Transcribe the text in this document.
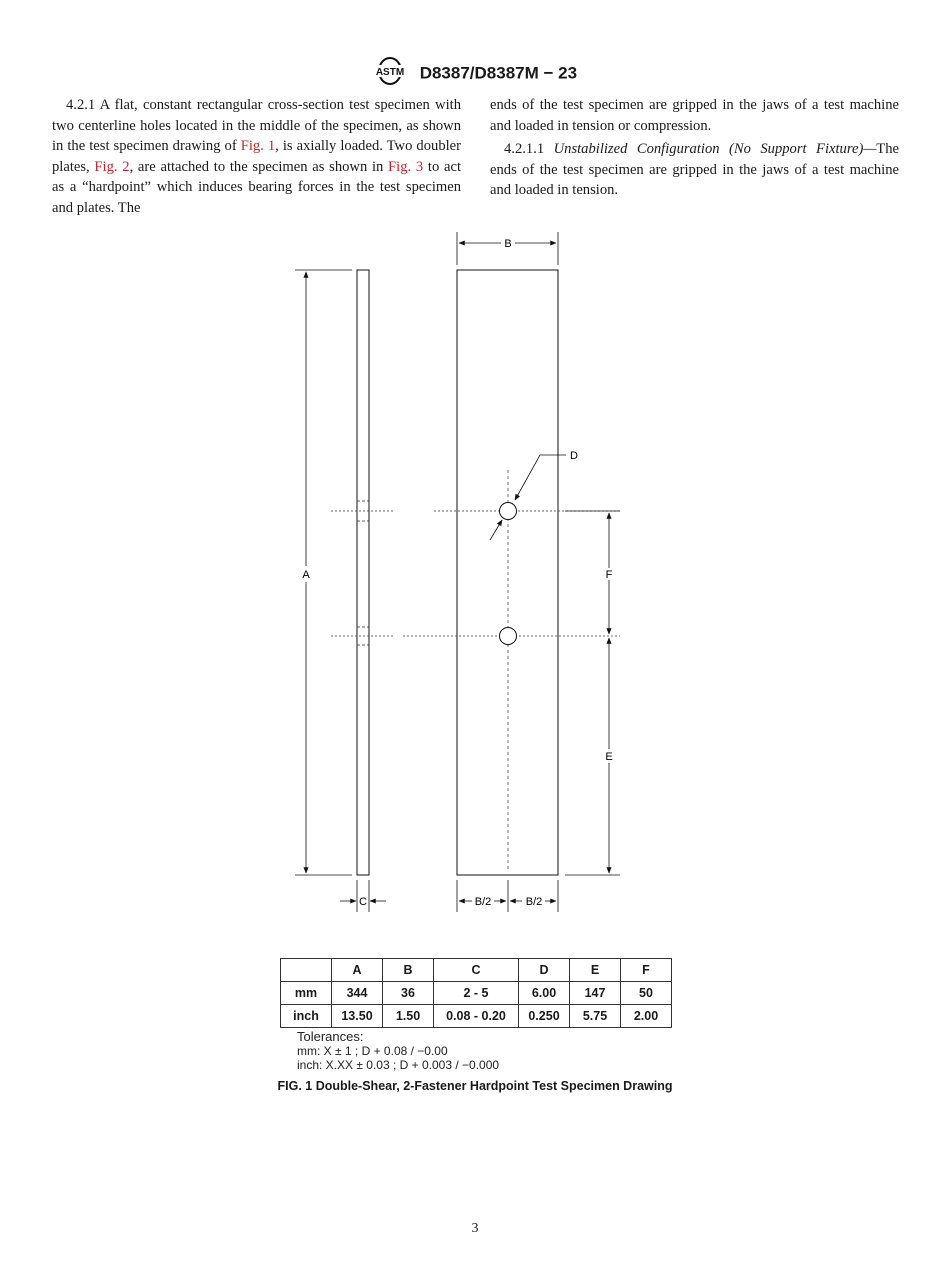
ASTM D8387/D8387M − 23

4.2.1 A flat, constant rectangular cross-section test specimen with two centerline holes located in the middle of the specimen, as shown in the test specimen drawing of Fig. 1, is axially loaded. Two doubler plates, Fig. 2, are attached to the specimen as shown in Fig. 3 to act as a “hardpoint” which induces bearing forces in the test specimen and plates. The

ends of the test specimen are gripped in the jaws of a test machine and loaded in tension or compression.

4.2.1.1 Unstabilized Configuration (No Support Fixture)—The ends of the test specimen are gripped in the jaws of a test machine and loaded in tension.

A
C
B
D
F
E
B/2	B/2
	A	B	C	D	E	F
mm	344	36	2 - 5	6.00	147	50
inch	13.50	1.50	0.08 - 0.20	0.250	5.75	2.00
Tolerances:
mm: X ± 1 ; D + 0.08 / −0.00
inch: X.XX ± 0.03 ; D + 0.003 / −0.000
FIG. 1 Double-Shear, 2-Fastener Hardpoint Test Specimen Drawing
3
